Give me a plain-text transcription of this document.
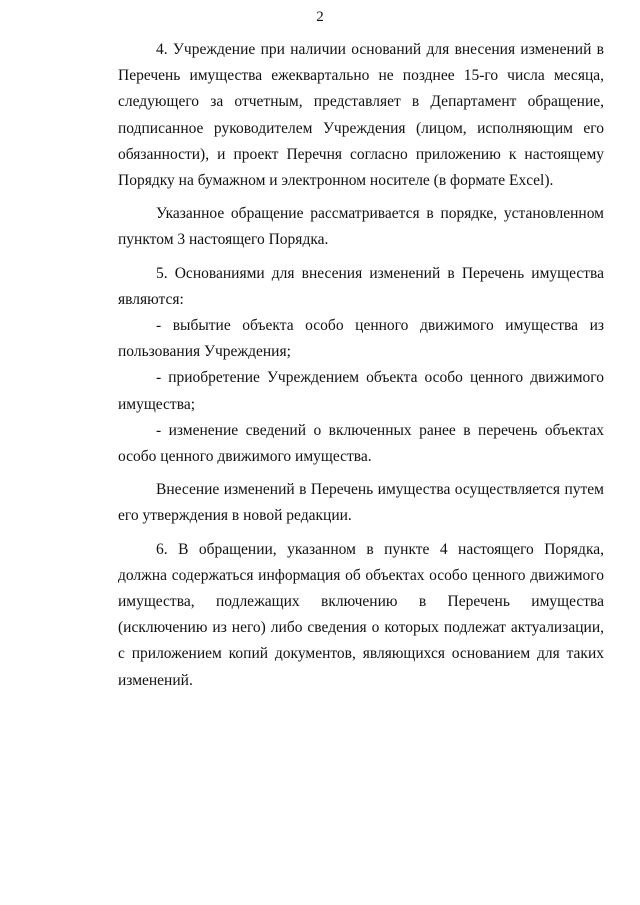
2

4. Учреждение при наличии оснований для внесения изменений в Перечень имущества ежеквартально не позднее 15-го числа месяца, следующего за отчетным, представляет в Департамент обращение, подписанное руководителем Учреждения (лицом, исполняющим его обязанности), и проект Перечня согласно приложению к настоящему Порядку на бумажном и электронном носителе (в формате Excel).

Указанное обращение рассматривается в порядке, установленном пунктом 3 настоящего Порядка.

5. Основаниями для внесения изменений в Перечень имущества являются:

- выбытие объекта особо ценного движимого имущества из пользования Учреждения;

- приобретение Учреждением объекта особо ценного движимого имущества;

- изменение сведений о включенных ранее в перечень объектах особо ценного движимого имущества.

Внесение изменений в Перечень имущества осуществляется путем его утверждения в новой редакции.

6. В обращении, указанном в пункте 4 настоящего Порядка, должна содержаться информация об объектах особо ценного движимого имущества, подлежащих включению в Перечень имущества (исключению из него) либо сведения о которых подлежат актуализации, с приложением копий документов, являющихся основанием для таких изменений.
